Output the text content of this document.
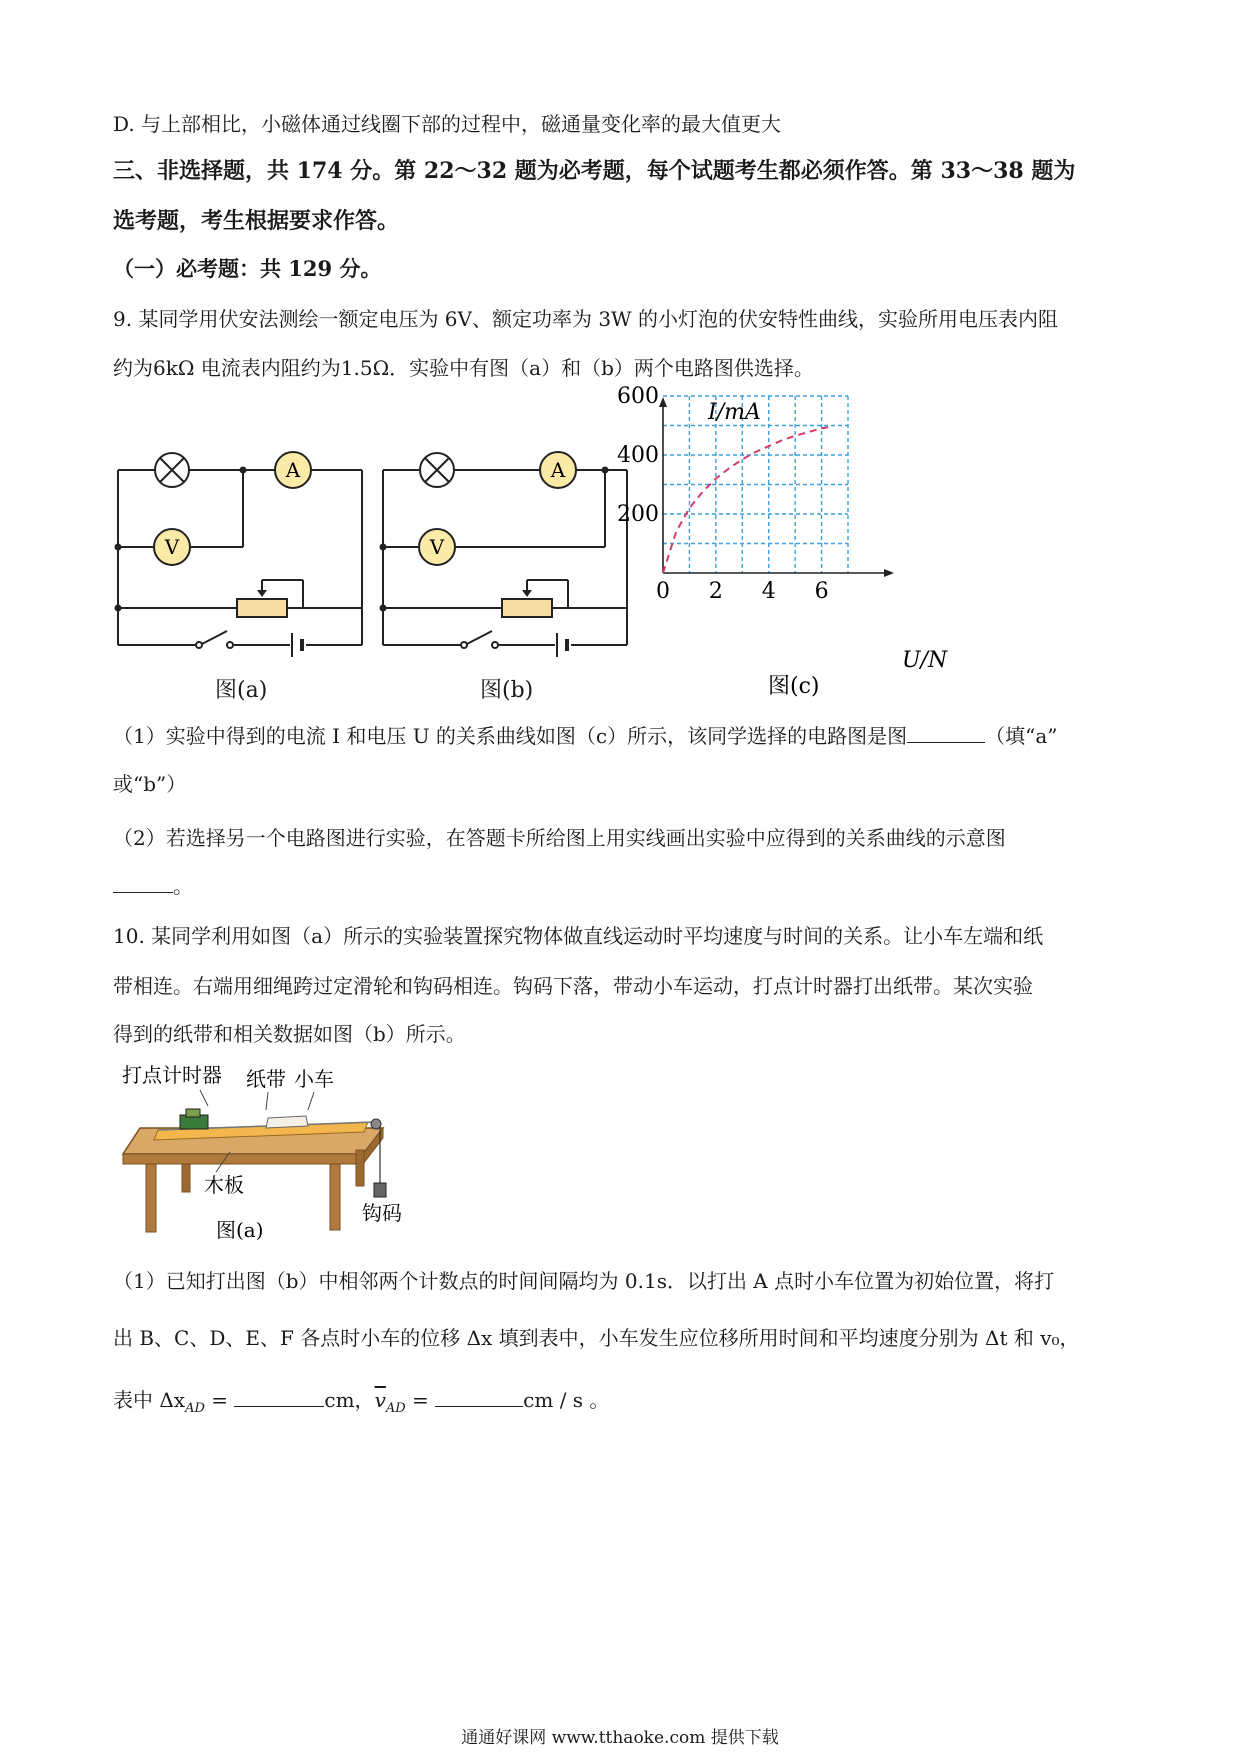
D. 与上部相比，小磁体通过线圈下部的过程中，磁通量变化率的最大值更大
三、非选择题，共 174 分。第 22～32 题为必考题，每个试题考生都必须作答。第 33～38 题为
选考题，考生根据要求作答。
（一）必考题：共 129 分。
9. 某同学用伏安法测绘一额定电压为 6V、额定功率为 3W 的小灯泡的伏安特性曲线，实验所用电压表内阻
约为6kΩ 电流表内阻约为1.5Ω．实验中有图（a）和（b）两个电路图供选择。
A
V
图(a)
A
V
图(b)
0 2 4 6
200
400
600
I/mA
U/N
图(c)
（1）实验中得到的电流 I 和电压 U 的关系曲线如图（c）所示，该同学选择的电路图是图	（填“a”
或“b”）
（2）若选择另一个电路图进行实验，在答题卡所给图上用实线画出实验中应得到的关系曲线的示意图
。
10. 某同学利用如图（a）所示的实验装置探究物体做直线运动时平均速度与时间的关系。让小车左端和纸
带相连。右端用细绳跨过定滑轮和钩码相连。钩码下落，带动小车运动，打点计时器打出纸带。某次实验
得到的纸带和相关数据如图（b）所示。
打点计时器 纸带 小车
木板
钩码
图(a)
（1）已知打出图（b）中相邻两个计数点的时间间隔均为 0.1s．以打出 A 点时小车位置为初始位置，将打
出 B、C、D、E、F 各点时小车的位移 Δx 填到表中，小车发生应位移所用时间和平均速度分别为 Δt 和 v₀，
表中 $\Delta x_{AD}$ =	cm，$\overline{v}_{AD}$ =	cm / s 。
通通好课网 www.tthaoke.com 提供下载
